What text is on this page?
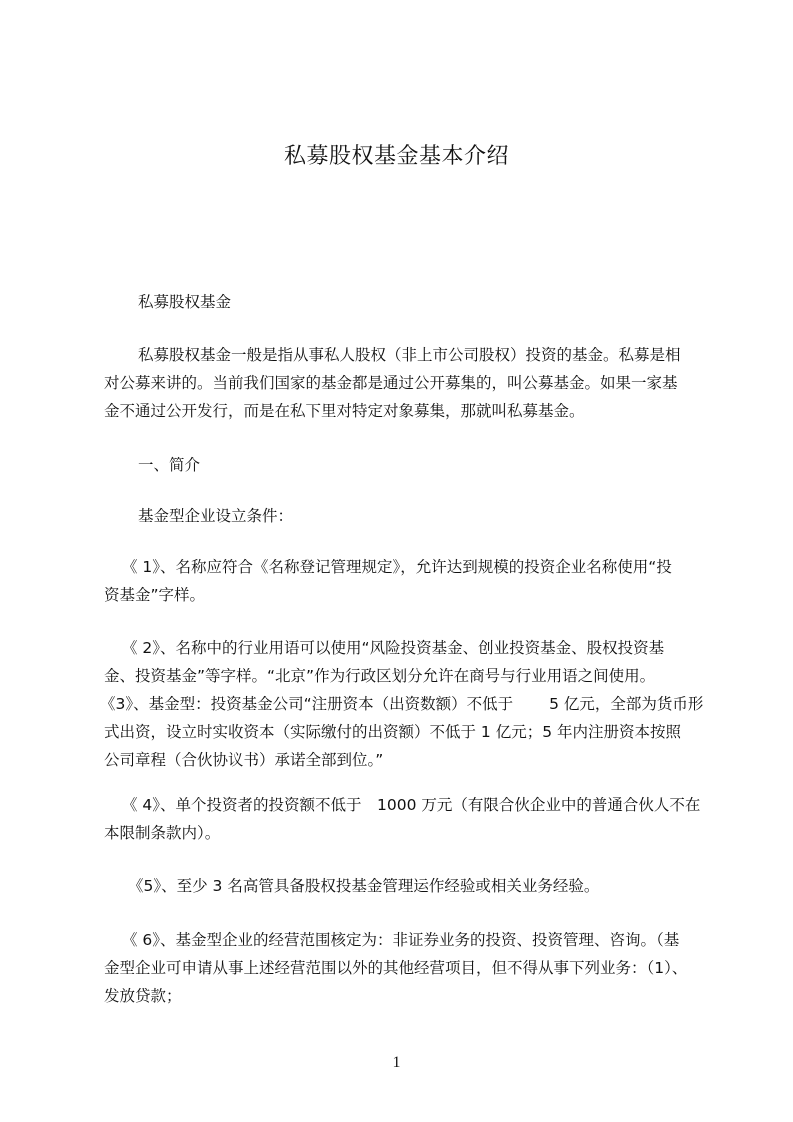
私募股权基金基本介绍
私募股权基金
私募股权基金一般是指从事私人股权（非上市公司股权）投资的基金。私募是相
对公募来讲的。当前我们国家的基金都是通过公开募集的，叫公募基金。如果一家基
金不通过公开发行，而是在私下里对特定对象募集，那就叫私募基金。
一、简介
基金型企业设立条件：
《 1》、名称应符合《名称登记管理规定》，允许达到规模的投资企业名称使用“投
资基金”字样。
《 2》、名称中的行业用语可以使用“风险投资基金、创业投资基金、股权投资基
金、投资基金”等字样。“北京”作为行政区划分允许在商号与行业用语之间使用。
《3》、基金型：投资基金公司“注册资本（出资数额）不低于　　 5 亿元，全部为货币形
式出资，设立时实收资本（实际缴付的出资额）不低于 1 亿元；5 年内注册资本按照
公司章程（合伙协议书）承诺全部到位。”
《 4》、单个投资者的投资额不低于　1000 万元（有限合伙企业中的普通合伙人不在
本限制条款内）。
《5》、至少 3 名高管具备股权投基金管理运作经验或相关业务经验。
《 6》、基金型企业的经营范围核定为：非证券业务的投资、投资管理、咨询。（基
金型企业可申请从事上述经营范围以外的其他经营项目，但不得从事下列业务：（1）、
发放贷款；
1
